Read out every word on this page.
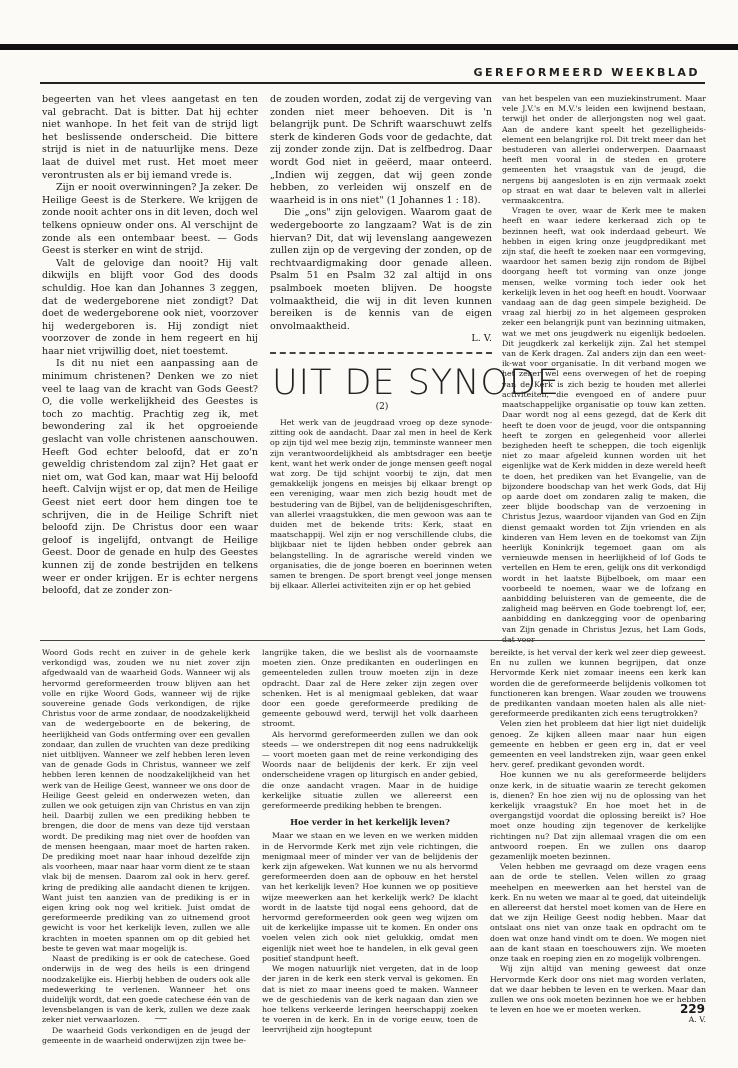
GEREFORMEERD WEEKBLAD

begeerten van het vlees aangetast en ten val gebracht. Dat is bitter. Dat hij echter niet wanhope. In het feit van de strijd ligt het beslissende onderscheid. Die bittere strijd is niet in de natuurlijke mens. Deze laat de duivel met rust. Het moet meer verontrusten als er bij iemand vrede is.

Zijn er nooit overwinningen? Ja zeker. De Heilige Geest is de Sterkere. We krijgen de zonde nooit achter ons in dit leven, doch wel telkens opnieuw onder ons. Al verschijnt de zonde als een ontembaar beest. — Gods Geest is sterker en wint de strijd.

Valt de gelovige dan nooit? Hij valt dikwijls en blijft voor God des doods schuldig. Hoe kan dan Johannes 3 zeggen, dat de wedergeborene niet zondigt? Dat doet de wedergeborene ook niet, voorzover hij wedergeboren is. Hij zondigt niet voorzover de zonde in hem regeert en hij haar niet vrijwillig doet, niet toestemt.

Is dit nu niet een aanpassing aan de minimum christenen? Denken we zo niet veel te laag van de kracht van Gods Geest? O, die volle werkelijkheid des Geestes is toch zo machtig. Prachtig zeg ik, met bewondering zal ik het opgroeiende geslacht van volle christenen aanschouwen. Heeft God echter beloofd, dat er zo'n geweldig christendom zal zijn? Het gaat er niet om, wat God kan, maar wat Hij beloofd heeft. Calvijn wijst er op, dat men de Heilige Geest niet eert door hem dingen toe te schrijven, die in de Heilige Schrift niet beloofd zijn. De Christus door een waar geloof is ingelijfd, ontvangt de Heilige Geest. Door de genade en hulp des Geestes kunnen zij de zonde bestrijden en telkens weer er onder krijgen. Er is echter nergens beloofd, dat ze zonder zon-

de zouden worden, zodat zij de vergeving van zonden niet meer behoeven. Dit is 'n belangrijk punt. De Schrift waarschuwt zelfs sterk de kinderen Gods voor de gedachte, dat zij zonder zonde zijn. Dat is zelfbedrog. Daar wordt God niet in geëerd, maar onteerd. „Indien wij zeggen, dat wij geen zonde hebben, zo verleiden wij onszelf en de waarheid is in ons niet" (1 Johannes 1 : 18).

Die „ons" zijn gelovigen. Waarom gaat de wedergeboorte zo langzaam? Wat is de zin hiervan? Dit, dat wij levenslang aangewezen zullen zijn op de vergeving der zonden, op de rechtvaardigmaking door genade alleen. Psalm 51 en Psalm 32 zal altijd in ons psalmboek moeten blijven. De hoogste volmaaktheid, die wij in dit leven kunnen bereiken is de kennis van de eigen onvolmaaktheid.

L. V.
UIT DE SYNODE
(2)

Het werk van de jeugdraad vroeg op deze synode-zitting ook de aandacht. Daar zal men in heel de Kerk op zijn tijd wel mee bezig zijn, temminste wanneer men zijn verantwoordelijkheid als ambtsdrager een beetje kent, want het werk onder de jonge mensen geeft nogal wat zorg. De tijd schijnt voorbij te zijn, dat men gemakkelijk jongens en meisjes bij elkaar brengt op een vereniging, waar men zich bezig houdt met de bestudering van de Bijbel, van de belijdenisgeschriften, van allerlei vraagstukken, die men gewoon was aan te duiden met de bekende trits: Kerk, staat en maatschappij. Wel zijn er nog verschillende clubs, die blijkbaar niet te lijden hebben onder gebrek aan belangstelling. In de agrarische wereld vinden we organisaties, die de jonge boeren en boerinnen weten samen te brengen. De sport brengt veel jonge mensen bij elkaar. Allerlei activiteiten zijn er op het gebied

van het bespelen van een muziekinstrument. Maar vele J.V.'s en M.V.'s leiden een kwijnend bestaan, terwijl het onder de allerjongsten nog wel gaat. Aan de andere kant speelt het gezelligheids-element een belangrijke rol. Dit trekt meer dan het bestuderen van allerlei onderwerpen. Daarnaast heeft men vooral in de steden en grotere gemeenten het vraagstuk van de jeugd, die nergens bij aangesloten is en zijn vermaak zoekt op straat en wat daar te beleven valt in allerlei vermaakcentra.

Vragen te over, waar de Kerk mee te maken heeft en waar iedere kerkeraad zich op te bezinnen heeft, wat ook inderdaad gebeurt. We hebben in eigen kring onze jeugdpredikant met zijn staf, die heeft te zoeken naar een vormgeving, waardoor het samen bezig zijn rondom de Bijbel doorgang heeft tot vorming van onze jonge mensen, welke vorming toch ieder ook het kerkelijk leven in het oog heeft en houdt. Voorwaar vandaag aan de dag geen simpele bezigheid. De vraag zal hierbij zo in het algemeen gesproken zeker een belangrijk punt van bezinning uitmaken, wat we met ons jeugdwerk nu eigenlijk bedoelen. Dit jeugdkerk zal kerkelijk zijn. Zal het stempel van de Kerk dragen. Zal anders zijn dan een weet-ik-wat voor organisatie. In dit verband mogen we het zeker wel eens overwegen of het de roeping van de Kerk is zich bezig te houden met allerlei activiteiten, die evengoed en of andere puur maatschappelijke organisatie op touw kan zetten. Daar wordt nog al eens gezegd, dat de Kerk dit heeft te doen voor de jeugd, voor die ontspanning heeft te zorgen en gelegenheid voor allerlei bezigheden heeft te scheppen, die toch eigenlijk niet zo maar afgeleid kunnen worden uit het eigenlijke wat de Kerk midden in deze wereld heeft te doen, het prediken van het Evangelie, van de bijzondere boodschap van het werk Gods, dat Hij op aarde doet om zondaren zalig te maken, die zeer blijde boodschap van de verzoening in Christus Jezus, waardoor vijanden van God en Zijn dienst gemaakt worden tot Zijn vrienden en als kinderen van Hem leven en de toekomst van Zijn heerlijk Koninkrijk tegemoet gaan om als vernieuwde mensen in heerlijkheid of lof Gods te vertellen en Hem te eren, gelijk ons dit verkondigd wordt in het laatste Bijbelboek, om maar een voorbeeld te noemen, waar we de lofzang en aanbidding beluisteren van de gemeente, die de zaligheid mag beërven en Gode toebrengt lof, eer, aanbidding en dankzegging voor de openbaring van Zijn genade in Christus Jezus, het Lam Gods,

Woord Gods recht en zuiver in de gehele kerk verkondigd was, zouden we nu niet zover zijn afgedwaald van de waarheid Gods. Wanneer wij als hervormd gereformeerden trouw blijven aan het volle en rijke Woord Gods, wanneer wij de rijke souvereine genade Gods verkondigen, de rijke Christus voor de arme zondaar, de noodzakelijkheid van de wedergeboorte en de bekering, de heerlijkheid van Gods ontferming over een gevallen zondaar, dan zullen de vruchten van deze prediking niet uitblijven. Wanneer we zelf hebben leren leven van de genade Gods in Christus, wanneer we zelf hebben leren kennen de noodzakelijkheid van het werk van de Heilige Geest, wanneer we ons door de Heilige Geest geleid en onderwezen weten, dan zullen we ook getuigen zijn van Christus en van zijn heil. Daarbij zullen we een prediking hebben te brengen, die door de mens van deze tijd verstaan wordt. De prediking mag niet over de hoofden van de mensen heengaan, maar moet de harten raken. De prediking moet naar haar inhoud dezelfde zijn als voorheen, maar naar haar vorm dient ze te staan vlak bij de mensen. Daarom zal ook in herv. geref. kring de prediking alle aandacht dienen te krijgen. Want juist ten aanzien van de prediking is er in eigen kring ook nog wel kritiek. Juist omdat de gereformeerde prediking van zo uitnemend groot gewicht is voor het kerkelijk leven, zullen we alle krachten in moeten spannen om op dit gebied het beste te geven wat maar mogelijk is.

Naast de prediking is er ook de catechese. Goed onderwijs in de weg des heils is een dringend noodzakelijke eis. Hierbij hebben de ouders ook alle medewerking te verlenen. Wanneer het ons duidelijk wordt, dat een goede catechese één van de levensbelangen is van de kerk, zullen we deze zaak zeker niet verwaarlozen.

De waarheid Gods verkondigen en de jeugd der gemeente in de waarheid onderwijzen zijn twee be-

langrijke taken, die we beslist als de voornaamste moeten zien. Onze predikanten en ouderlingen en gemeenteleden zullen trouw moeten zijn in deze opdracht. Daar zal de Here zeker zijn zegen over schenken. Het is al menigmaal gebleken, dat waar door een goede gereformeerde prediking de gemeente gebouwd werd, terwijl het volk daarheen stroomt.

Als hervormd gereformeerden zullen we dan ook steeds — we onderstrepen dit nog eens nadrukkelijk — voort moeten gaan met de reine verkondiging des Woords naar de belijdenis der kerk. Er zijn veel onderscheidene vragen op liturgisch en ander gebied, die onze aandacht vragen. Maar in de huidige kerkelijke situatie zullen we allereerst een gereformeerde prediking hebben te brengen.

Hoe verder in het kerkelijk leven?

Maar we staan en we leven en we werken midden in de Hervormde Kerk met zijn vele richtingen, die menigmaal meer of minder ver van de belijdenis der kerk zijn afgeweken. Wat kunnen we nu als hervormd gereformeerden doen aan de opbouw en het herstel van het kerkelijk leven? Hoe kunnen we op positieve wijze meewerken aan het kerkelijk werk? De klacht wordt in de laatste tijd nogal eens gehoord, dat de hervormd gereformeerden ook geen weg wijzen om uit de kerkelijke impasse uit te komen. En onder ons voelen velen zich ook niet gelukkig, omdat men eigenlijk niet weet hoe te handelen, in elk geval geen positief standpunt heeft.

We mogen natuurlijk niet vergeten, dat in de loop der jaren in de kerk een sterk verval is gekomen. En dat is niet zo maar ineens goed te maken. Wanneer we de geschiedenis van de kerk nagaan dan zien we hoe telkens verkeerde leringen heerschappij zoeken te voeren in de kerk. En in de vorige eeuw, toen de leervrijheid zijn hoogtepunt

bereikte, is het verval der kerk wel zeer diep geweest. En nu zullen we kunnen begrijpen, dat onze Hervormde Kerk niet zomaar ineens een kerk kan worden die de gereformeerde belijdenis volkomen tot functioneren kan brengen. Waar zouden we trouwens de predikanten vandaan moeten halen als alle niet-gereformeerde predikanten zich eens terugtrokken?

Velen zien het probleem dat hier ligt niet duidelijk genoeg. Ze kijken alleen maar naar hun eigen gemeente en hebben er geen erg in, dat er veel gemeenten en veel landstreken zijn, waar geen enkel herv. geref. predikant gevonden wordt.

Hoe kunnen we nu als gereformeerde belijders onze kerk, in de situatie waarin ze terecht gekomen is, dienen? En hoe zien wij nu de oplossing van het kerkelijk vraagstuk? En hoe moet het in de overgangstijd voordat die oplossing bereikt is? Hoe moet onze houding zijn tegenover de kerkelijke richtingen nu? Dat zijn allemaal vragen die om een antwoord roepen. En we zullen ons daarop gezamenlijk moeten bezinnen.

Velen hebben me gevraagd om deze vragen eens aan de orde te stellen. Velen willen zo graag meehelpen en meewerken aan het herstel van de kerk. En nu weten we maar al te goed, dat uiteindelijk en allereerst dat herstel moet komen van de Here en dat we zijn Heilige Geest nodig hebben. Maar dat ontslaat ons niet van onze taak en opdracht om te doen wat onze hand vindt om te doen. We mogen niet aan de kant staan en toeschouwers zijn. We moeten onze taak en roeping zien en zo mogelijk volbrengen.

Wij zijn altijd van mening geweest dat onze Hervormde Kerk door ons niet mag worden verlaten, dat we daar hebben te leven en te werken. Maar dan zullen we ons ook moeten bezinnen hoe we er hebben te leven en hoe we er moeten werken.

A. V.
229
